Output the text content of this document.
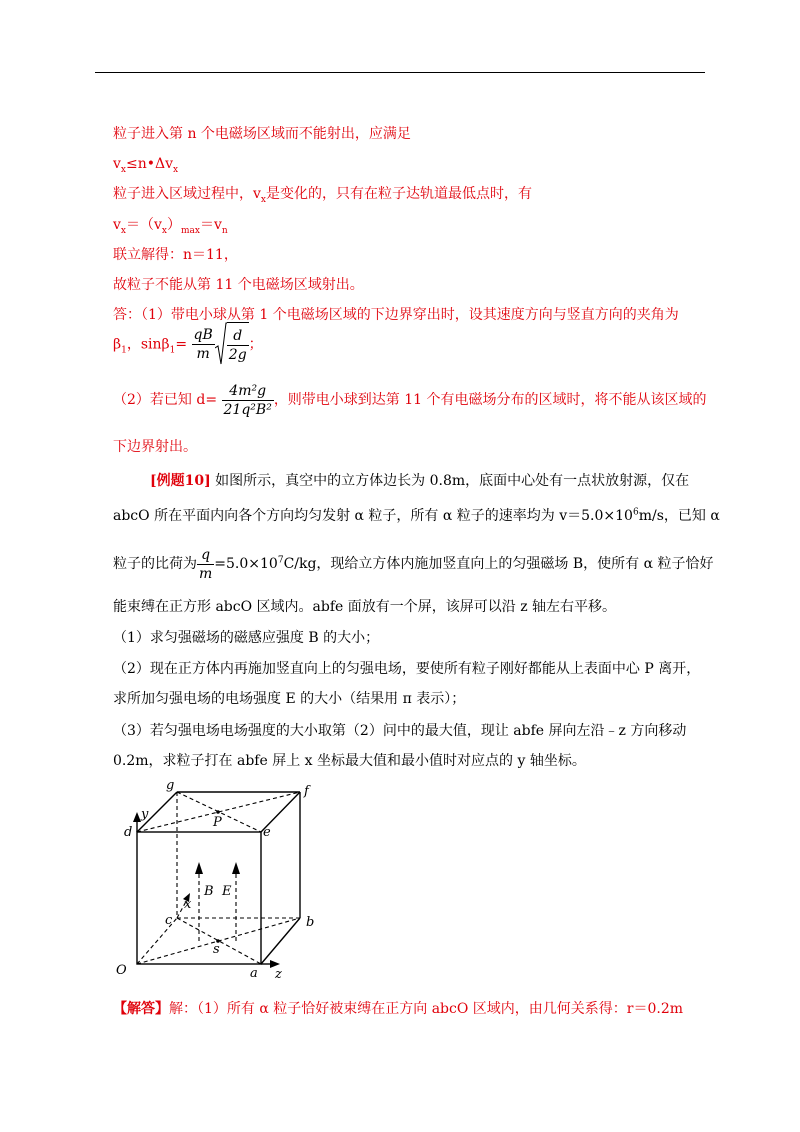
粒子进入第 n 个电磁场区域而不能射出，应满足
$v_x\le n•\Delta v_x$
粒子进入区域过程中，$v_x$是变化的，只有在粒子达轨道最低点时，有
$v_x=(v_x)_{max}=v_n$
联立解得：n＝11，
故粒子不能从第 11 个电磁场区域射出。
答：（1）带电小球从第 1 个电磁场区域的下边界穿出时，设其速度方向与竖直方向的夹角为
$\beta_1$，$\sin\beta_1= \frac{qB}{m} \frac{d}{2g}$ ；
（2）若已知 $d= \frac{\text{4m²g}}{\text{21q²B²}}$ ，则带电小球到达第 11 个有电磁场分布的区域时，将不能从该区域的
下边界射出。
[例题10] 如图所示，真空中的立方体边长为 0.8m，底面中心处有一点状放射源，仅在
abcO 所在平面内向各个方向均匀发射 α 粒子，所有 α 粒子的速率均为 $v=5.0\times 10^6m/s$，已知 α
粒子的比荷为 $\frac{q}{m} =5.0\times 10^7C/kg$，现给立方体内施加竖直向上的匀强磁场 B，使所有 α 粒子恰好
能束缚在正方形 abcO 区域内。abfe 面放有一个屏，该屏可以沿 z 轴左右平移。
（1）求匀强磁场的磁感应强度 B 的大小；
（2）现在正方体内再施加竖直向上的匀强电场，要使所有粒子刚好都能从上表面中心 P 离开，
求所加匀强电场的电场强度 E 的大小（结果用 π 表示）；
（3）若匀强电场电场强度的大小取第（2）问中的最大值，现让 abfe 屏向左沿﹣z 方向移动
0.2m，求粒子打在 abfe 屏上 x 坐标最大值和最小值时对应点的 y 轴坐标。
g	f
y
P
d	e
B E
x
c	b
s
O	a z
【解答】解：（1）所有 α 粒子恰好被束缚在正方向 abcO 区域内，由几何关系得：r＝0.2m
